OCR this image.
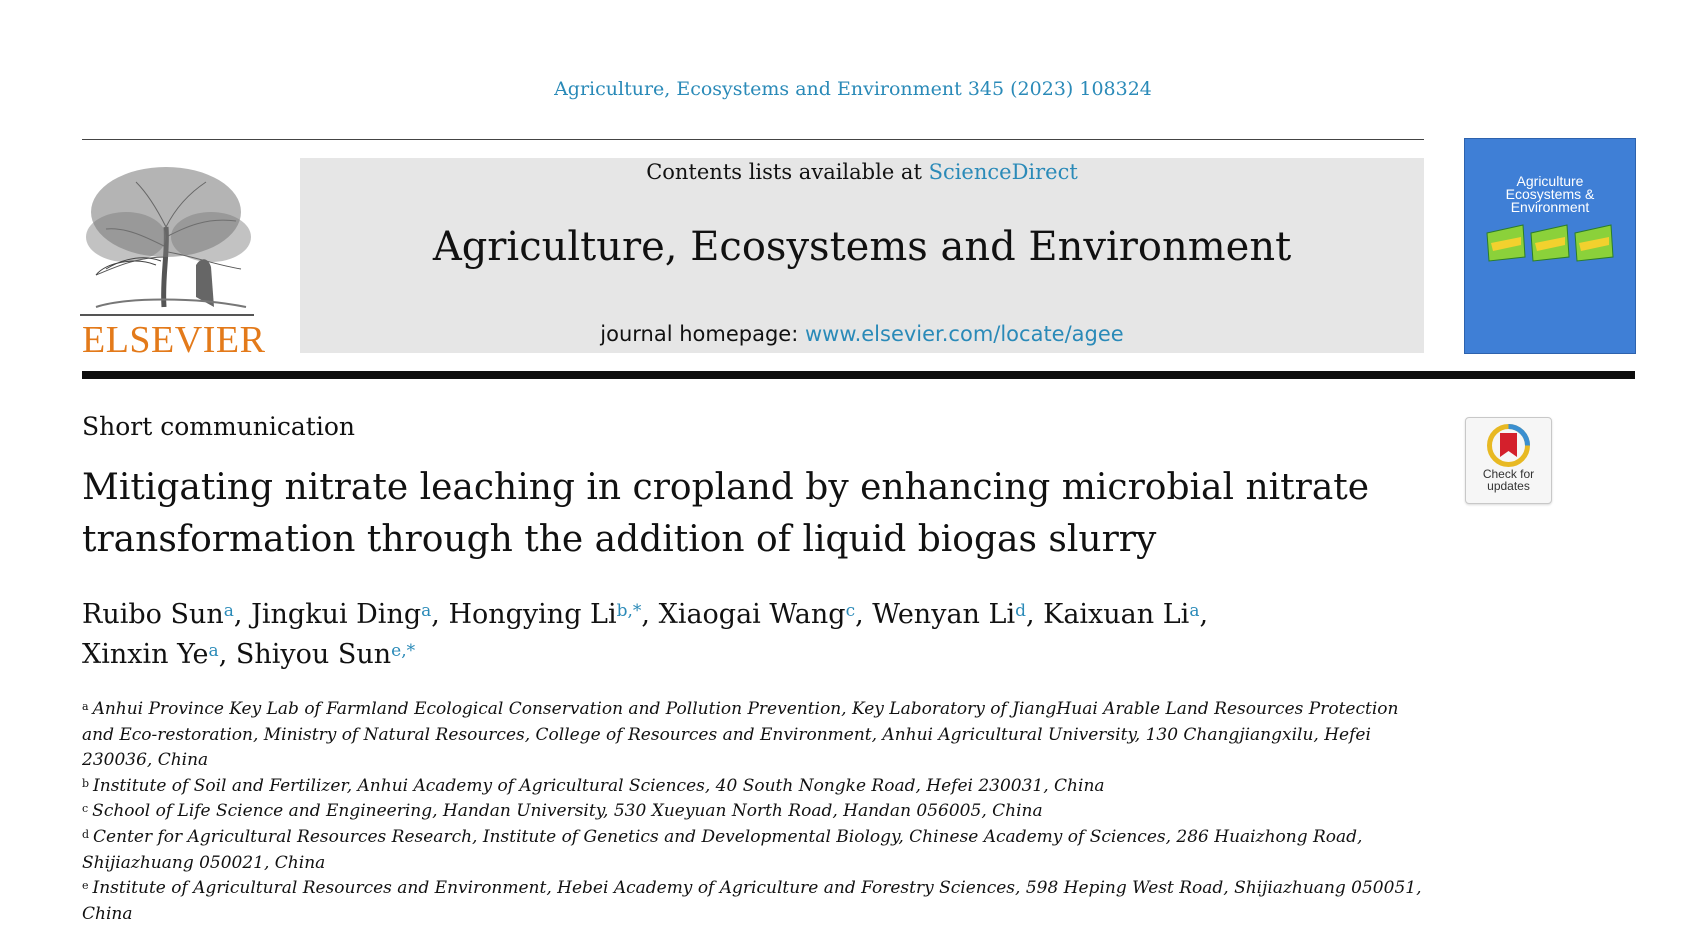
Agriculture, Ecosystems and Environment 345 (2023) 108324
ELSEVIER
Contents lists available at ScienceDirect
Agriculture, Ecosystems and Environment
journal homepage: www.elsevier.com/locate/agee
Agriculture
Ecosystems &
Environment
Short communication
Mitigating nitrate leaching in cropland by enhancing microbial nitrate transformation through the addition of liquid biogas slurry
Check for updates
Ruibo Sun$^a$, Jingkui Ding$^a$, Hongying $Li^{b,*}$, Xiaogai Wang$^c$, Wenyan Li$^d$, Kaixuan Li$^a$,
Xinxin Ye$^a$, Shiyou Sun$^{e,*}$
$^a$ Anhui Province Key Lab of Farmland Ecological Conservation and Pollution Prevention, Key Laboratory of JiangHuai Arable Land Resources Protection and Eco-restoration, Ministry of Natural Resources, College of Resources and Environment, Anhui Agricultural University, 130 Changjiangxilu, Hefei 230036, China
$^b$ Institute of Soil and Fertilizer, Anhui Academy of Agricultural Sciences, 40 South Nongke Road, Hefei 230031, China
$^c$ School of Life Science and Engineering, Handan University, 530 Xueyuan North Road, Handan 056005, China
$^d$ Center for Agricultural Resources Research, Institute of Genetics and Developmental Biology, Chinese Academy of Sciences, 286 Huaizhong Road, Shijiazhuang 050021, China
$^e$ Institute of Agricultural Resources and Environment, Hebei Academy of Agriculture and Forestry Sciences, 598 Heping West Road, Shijiazhuang 050051, China
